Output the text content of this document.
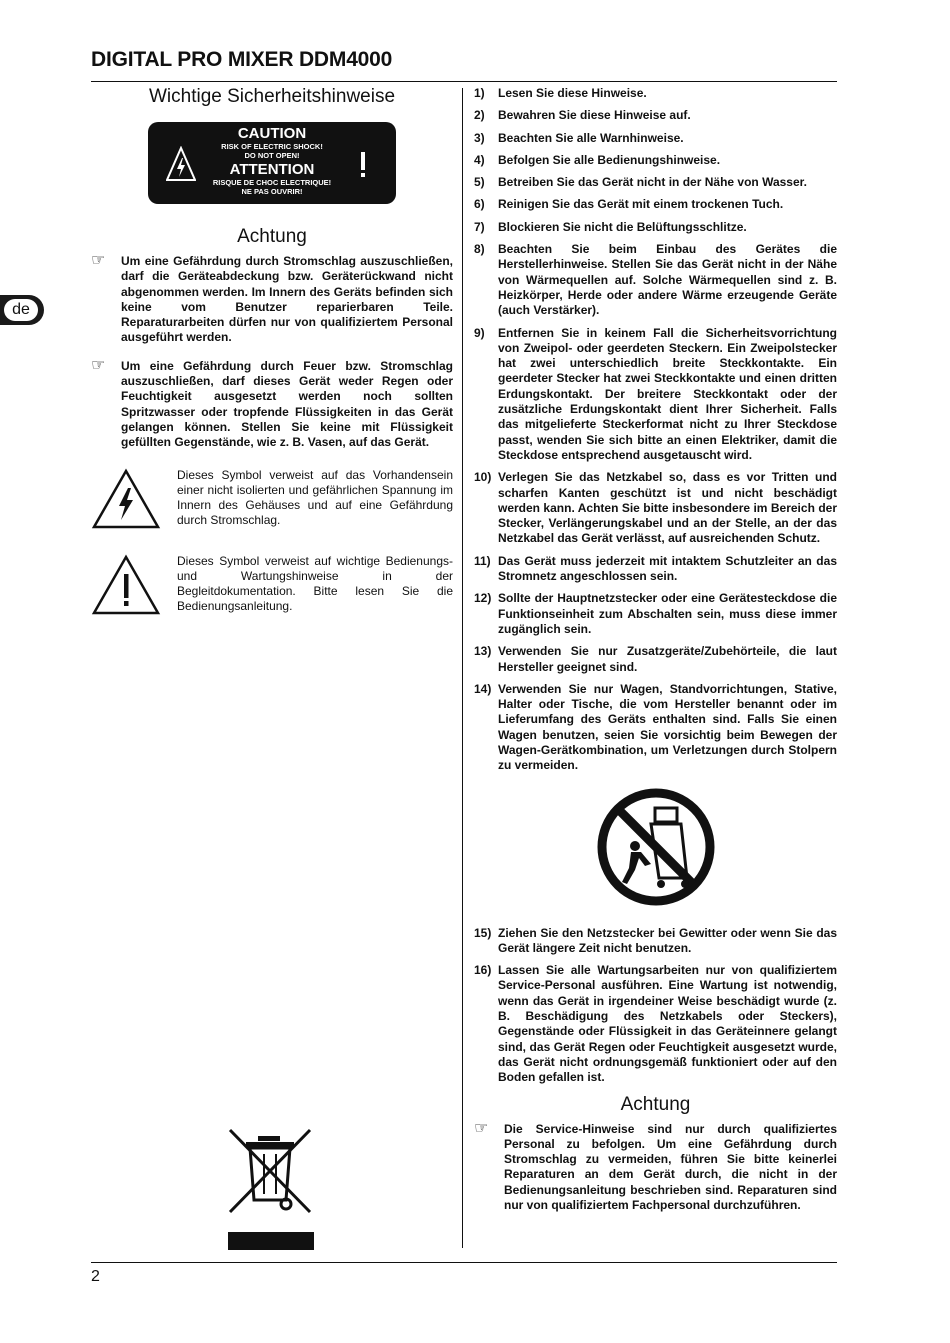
DIGITAL PRO MIXER DDM4000
de
Wichtige Sicherheitshinweise
CAUTION
RISK OF ELECTRIC SHOCK!
DO NOT OPEN!
ATTENTION
RISQUE DE CHOC ELECTRIQUE!
NE PAS OUVRIR!
Achtung
☞ Um eine Gefährdung durch Stromschlag auszuschließen, darf die Geräteabdeckung bzw. Geräterückwand nicht abgenommen werden. Im Innern des Geräts befinden sich keine vom Benutzer reparierbaren Teile. Reparaturarbeiten dürfen nur von qualifiziertem Personal ausgeführt werden.
☞ Um eine Gefährdung durch Feuer bzw. Stromschlag auszuschließen, darf dieses Gerät weder Regen oder Feuchtigkeit ausgesetzt werden noch sollten Spritzwasser oder tropfende Flüssigkeiten in das Gerät gelangen können. Stellen Sie keine mit Flüssigkeit gefüllten Gegenstände, wie z. B. Vasen, auf das Gerät.

Dieses Symbol verweist auf das Vorhandensein einer nicht isolierten und gefährlichen Spannung im Innern des Gehäuses und auf eine Gefährdung durch Stromschlag.

Dieses Symbol verweist auf wichtige Bedienungs- und Wartungshinweise in der Begleitdokumentation. Bitte lesen Sie die Bedienungsanleitung.

1) Lesen Sie diese Hinweise.
2) Bewahren Sie diese Hinweise auf.
3) Beachten Sie alle Warnhinweise.
4) Befolgen Sie alle Bedienungshinweise.
5) Betreiben Sie das Gerät nicht in der Nähe von Wasser.
6) Reinigen Sie das Gerät mit einem trockenen Tuch.
7) Blockieren Sie nicht die Belüftungsschlitze.
8) Beachten Sie beim Einbau des Gerätes die Herstellerhinweise. Stellen Sie das Gerät nicht in der Nähe von Wärmequellen auf. Solche Wärmequellen sind z. B. Heizkörper, Herde oder andere Wärme erzeugende Geräte (auch Verstärker).
9) Entfernen Sie in keinem Fall die Sicherheitsvorrichtung von Zweipol- oder geerdeten Steckern. Ein Zweipolstecker hat zwei unterschiedlich breite Steckkontakte. Ein geerdeter Stecker hat zwei Steckkontakte und einen dritten Erdungskontakt. Der breitere Steckkontakt oder der zusätzliche Erdungskontakt dient Ihrer Sicherheit. Falls das mitgelieferte Steckerformat nicht zu Ihrer Steckdose passt, wenden Sie sich bitte an einen Elektriker, damit die Steckdose entsprechend ausgetauscht wird.
10) Verlegen Sie das Netzkabel so, dass es vor Tritten und scharfen Kanten geschützt ist und nicht beschädigt werden kann. Achten Sie bitte insbesondere im Bereich der Stecker, Verlängerungskabel und an der Stelle, an der das Netzkabel das Gerät verlässt, auf ausreichenden Schutz.
11) Das Gerät muss jederzeit mit intaktem Schutzleiter an das Stromnetz angeschlossen sein.
12) Sollte der Hauptnetzstecker oder eine Gerätesteckdose die Funktionseinheit zum Abschalten sein, muss diese immer zugänglich sein.
13) Verwenden Sie nur Zusatzgeräte/Zubehörteile, die laut Hersteller geeignet sind.
14) Verwenden Sie nur Wagen, Standvorrichtungen, Stative, Halter oder Tische, die vom Hersteller benannt oder im Lieferumfang des Geräts enthalten sind. Falls Sie einen Wagen benutzen, seien Sie vorsichtig beim Bewegen der Wagen-Gerätkombination, um Verletzungen durch Stolpern zu vermeiden.
15) Ziehen Sie den Netzstecker bei Gewitter oder wenn Sie das Gerät längere Zeit nicht benutzen.
16) Lassen Sie alle Wartungsarbeiten nur von qualifiziertem Service-Personal ausführen. Eine Wartung ist notwendig, wenn das Gerät in irgendeiner Weise beschädigt wurde (z. B. Beschädigung des Netzkabels oder Steckers), Gegenstände oder Flüssigkeit in das Geräteinnere gelangt sind, das Gerät Regen oder Feuchtigkeit ausgesetzt wurde, das Gerät nicht ordnungsgemäß funktioniert oder auf den Boden gefallen ist.
Achtung
☞ Die Service-Hinweise sind nur durch qualifiziertes Personal zu befolgen. Um eine Gefährdung durch Stromschlag zu vermeiden, führen Sie bitte keinerlei Reparaturen an dem Gerät durch, die nicht in der Bedienungsanleitung beschrieben sind. Reparaturen sind nur von qualifiziertem Fachpersonal durchzuführen.
2
